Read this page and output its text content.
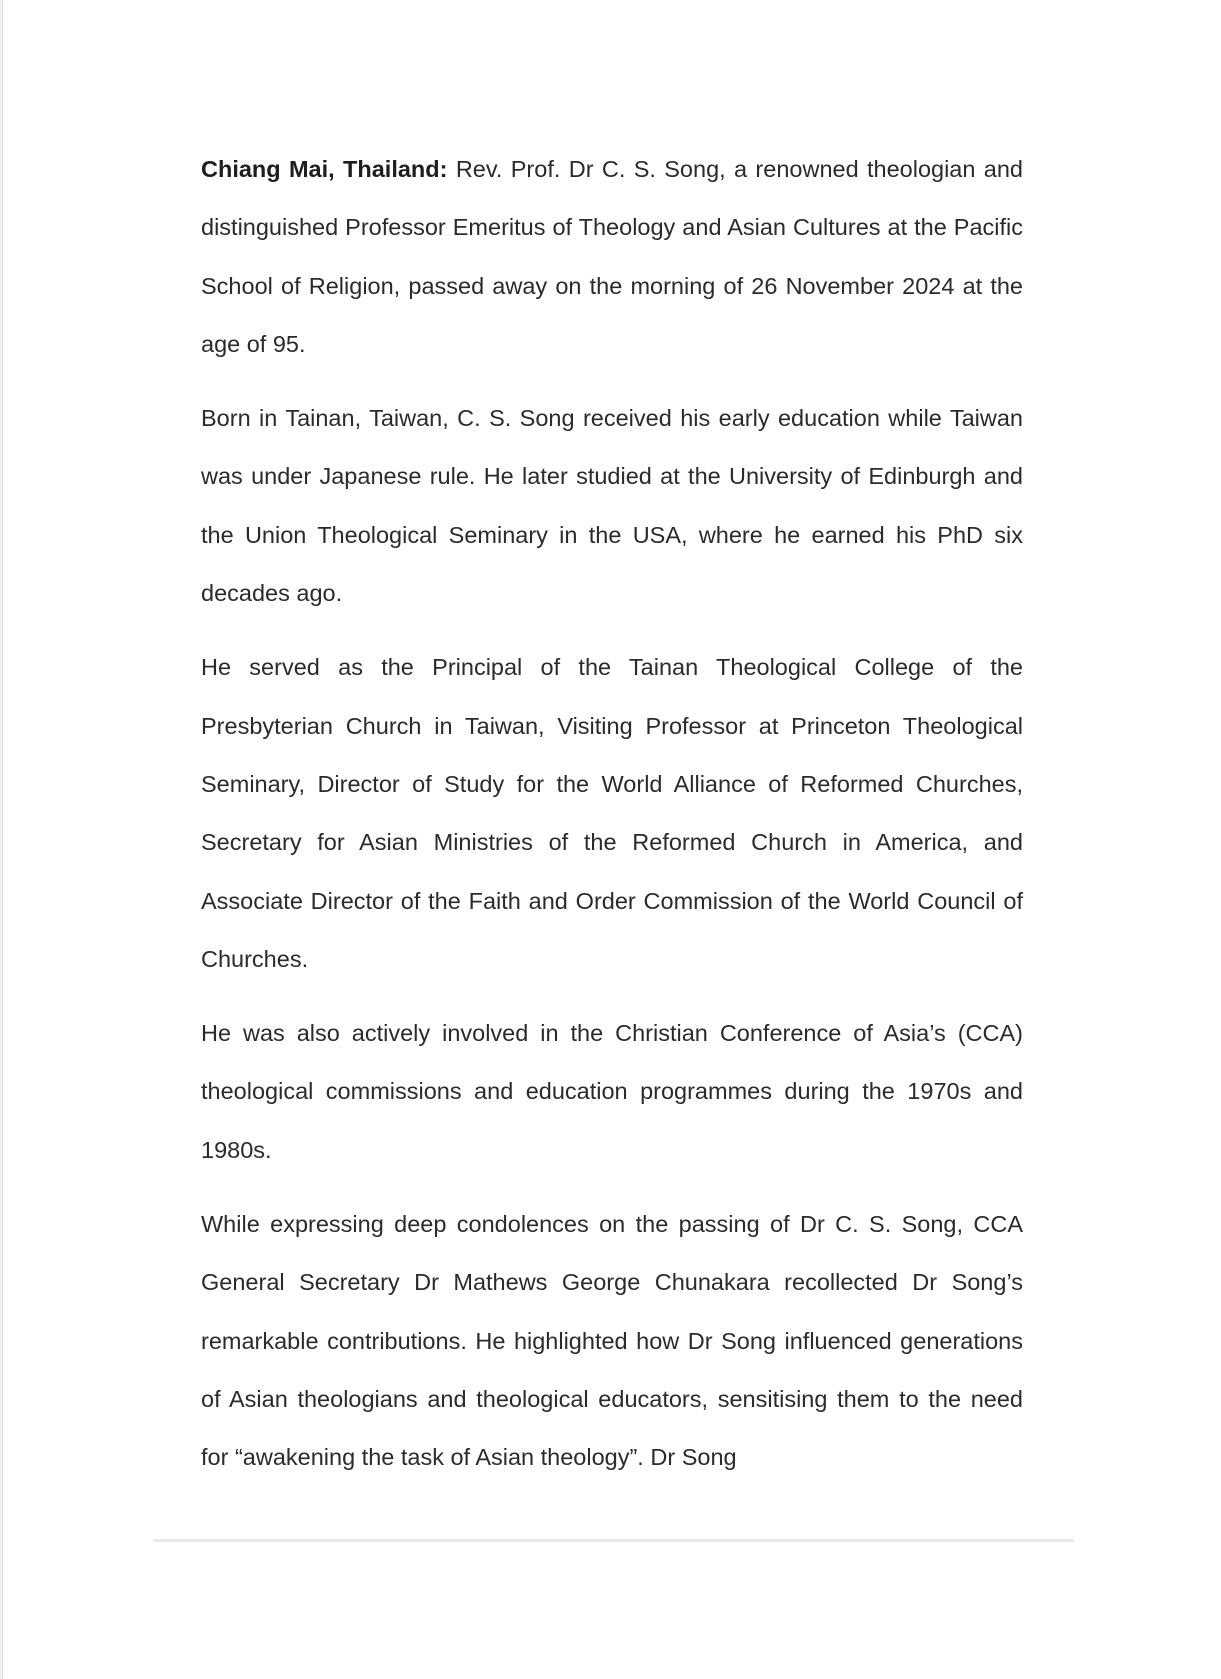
Chiang Mai, Thailand: Rev. Prof. Dr C. S. Song, a renowned theologian and distinguished Professor Emeritus of Theology and Asian Cultures at the Pacific School of Religion, passed away on the morning of 26 November 2024 at the age of 95.

Born in Tainan, Taiwan, C. S. Song received his early education while Taiwan was under Japanese rule. He later studied at the University of Edinburgh and the Union Theological Seminary in the USA, where he earned his PhD six decades ago.

He served as the Principal of the Tainan Theological College of the Presbyterian Church in Taiwan, Visiting Professor at Princeton Theological Seminary, Director of Study for the World Alliance of Reformed Churches, Secretary for Asian Ministries of the Reformed Church in America, and Associate Director of the Faith and Order Commission of the World Council of Churches.

He was also actively involved in the Christian Conference of Asia’s (CCA) theological commissions and education programmes during the 1970s and 1980s.

While expressing deep condolences on the passing of Dr C. S. Song, CCA General Secretary Dr Mathews George Chunakara recollected Dr Song’s remarkable contributions. He highlighted how Dr Song influenced generations of Asian theologians and theological educators, sensitising them to the need for “awakening the task of Asian theology”. Dr Song
